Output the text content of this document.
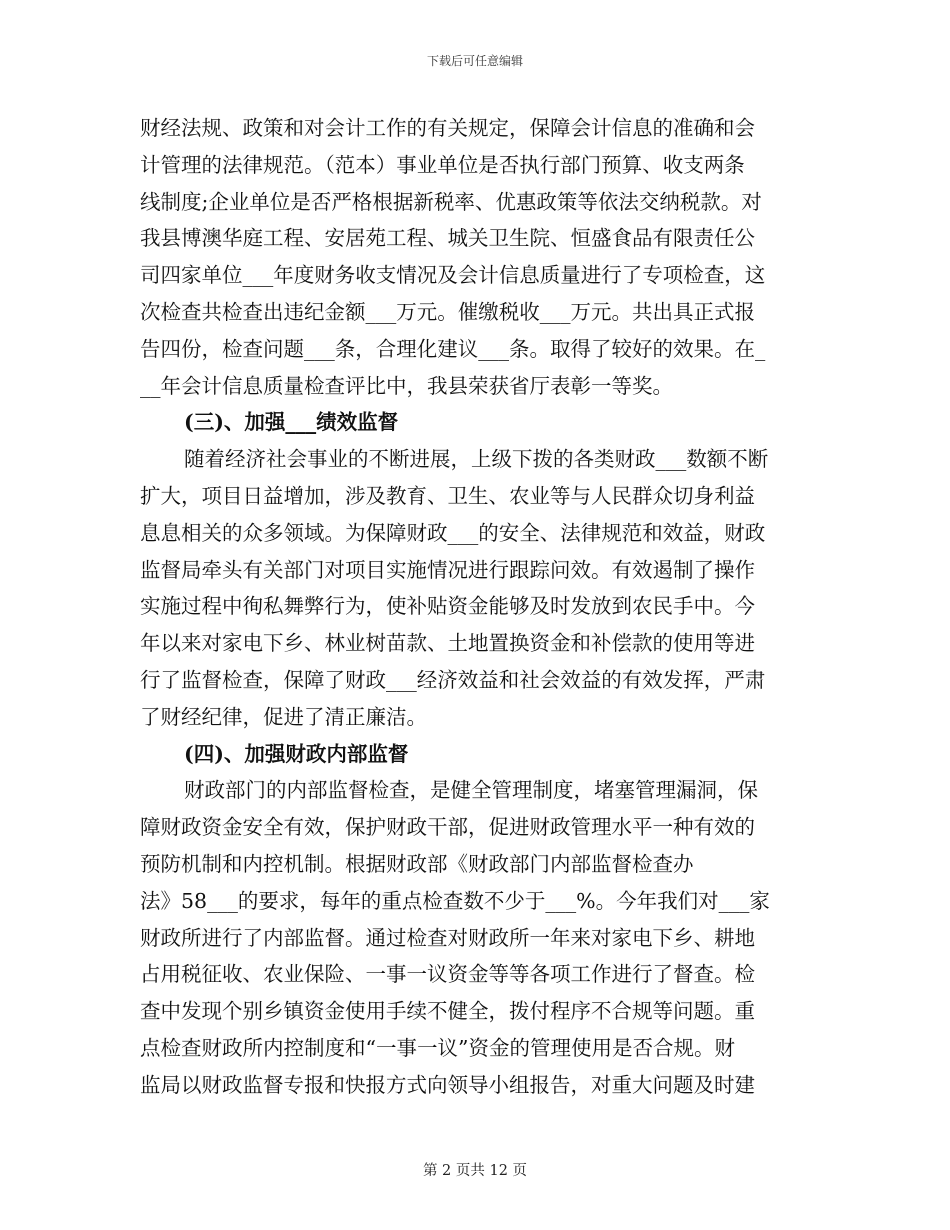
下载后可任意编辑
财经法规、政策和对会计工作的有关规定，保障会计信息的准确和会
计管理的法律规范。（范本）事业单位是否执行部门预算、收支两条
线制度;企业单位是否严格根据新税率、优惠政策等依法交纳税款。对
我县博澳华庭工程、安居苑工程、城关卫生院、恒盛食品有限责任公
司四家单位___年度财务收支情况及会计信息质量进行了专项检查，这
次检查共检查出违纪金额___万元。催缴税收___万元。共出具正式报
告四份，检查问题___条，合理化建议___条。取得了较好的效果。在_
__年会计信息质量检查评比中，我县荣获省厅表彰一等奖。
(三)、加强___绩效监督
随着经济社会事业的不断进展，上级下拨的各类财政___数额不断
扩大，项目日益增加，涉及教育、卫生、农业等与人民群众切身利益
息息相关的众多领域。为保障财政___的安全、法律规范和效益，财政
监督局牵头有关部门对项目实施情况进行跟踪问效。有效遏制了操作
实施过程中徇私舞弊行为，使补贴资金能够及时发放到农民手中。今
年以来对家电下乡、林业树苗款、土地置换资金和补偿款的使用等进
行了监督检查，保障了财政___经济效益和社会效益的有效发挥，严肃
了财经纪律，促进了清正廉洁。
(四)、加强财政内部监督
财政部门的内部监督检查，是健全管理制度，堵塞管理漏洞，保
障财政资金安全有效，保护财政干部，促进财政管理水平一种有效的
预防机制和内控机制。根据财政部《财政部门内部监督检查办
法》58___的要求，每年的重点检查数不少于___%。今年我们对___家
财政所进行了内部监督。通过检查对财政所一年来对家电下乡、耕地
占用税征收、农业保险、一事一议资金等等各项工作进行了督查。检
查中发现个别乡镇资金使用手续不健全，拨付程序不合规等问题。重
点检查财政所内控制度和“一事一议”资金的管理使用是否合规。财
监局以财政监督专报和快报方式向领导小组报告，对重大问题及时建
第 2 页共 12 页
